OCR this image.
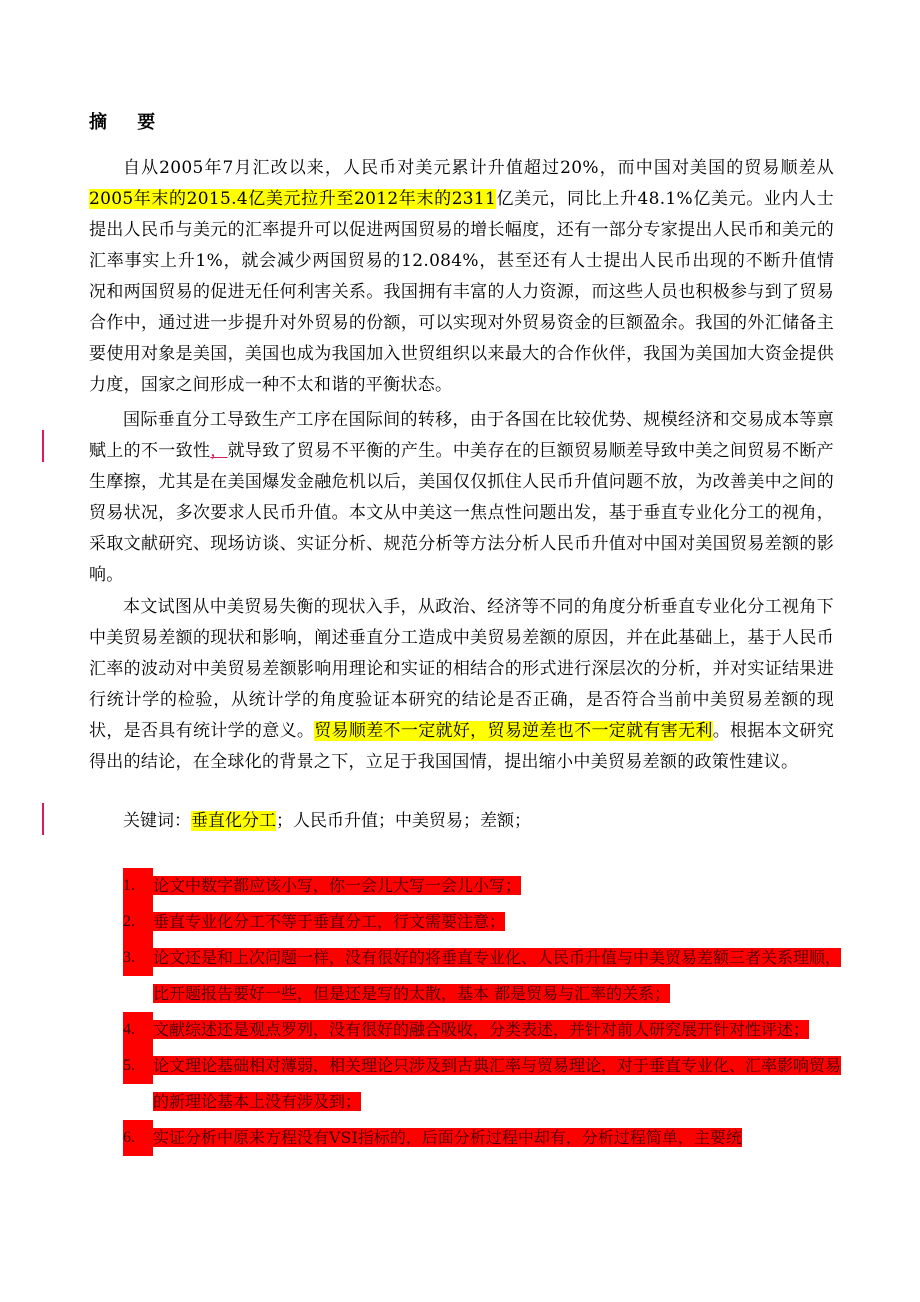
摘 要
自从2005年7月汇改以来，人民币对美元累计升值超过20%，而中国对美国的贸易顺差从2005年末的2015.4亿美元拉升至2012年末的2311亿美元，同比上升48.1%亿美元。业内人士提出人民币与美元的汇率提升可以促进两国贸易的增长幅度，还有一部分专家提出人民币和美元的汇率事实上升1%，就会减少两国贸易的12.084%，甚至还有人士提出人民币出现的不断升值情况和两国贸易的促进无任何利害关系。我国拥有丰富的人力资源，而这些人员也积极参与到了贸易合作中，通过进一步提升对外贸易的份额，可以实现对外贸易资金的巨额盈余。我国的外汇储备主要使用对象是美国，美国也成为我国加入世贸组织以来最大的合作伙伴，我国为美国加大资金提供力度，国家之间形成一种不太和谐的平衡状态。
国际垂直分工导致生产工序在国际间的转移，由于各国在比较优势、规模经济和交易成本等禀赋上的不一致性，就导致了贸易不平衡的产生。中美存在的巨额贸易顺差导致中美之间贸易不断产生摩擦，尤其是在美国爆发金融危机以后，美国仅仅抓住人民币升值问题不放，为改善美中之间的贸易状况，多次要求人民币升值。本文从中美这一焦点性问题出发，基于垂直专业化分工的视角，采取文献研究、现场访谈、实证分析、规范分析等方法分析人民币升值对中国对美国贸易差额的影响。
本文试图从中美贸易失衡的现状入手，从政治、经济等不同的角度分析垂直专业化分工视角下中美贸易差额的现状和影响，阐述垂直分工造成中美贸易差额的原因，并在此基础上，基于人民币汇率的波动对中美贸易差额影响用理论和实证的相结合的形式进行深层次的分析，并对实证结果进行统计学的检验，从统计学的角度验证本研究的结论是否正确，是否符合当前中美贸易差额的现状，是否具有统计学的意义。贸易顺差不一定就好，贸易逆差也不一定就有害无利。根据本文研究得出的结论，在全球化的背景之下，立足于我国国情，提出缩小中美贸易差额的政策性建议。
关键词：垂直化分工；人民币升值；中美贸易；差额；
1.	论文中数字都应该小写，你一会儿大写一会儿小写；
2.	垂直专业化分工不等于垂直分工，行文需要注意；
3.	论文还是和上次问题一样，没有很好的将垂直专业化、人民币升值与中美贸易差额三者关系理顺，比开题报告要好一些，但是还是写的太散，基本 都是贸易与汇率的关系；
4.	文献综述还是观点罗列，没有很好的融合吸收，分类表述，并针对前人研究展开针对性评述；
5.	论文理论基础相对薄弱，相关理论只涉及到古典汇率与贸易理论，对于垂直专业化、汇率影响贸易的新理论基本上没有涉及到；
6.	实证分析中原来方程没有VSI指标的，后面分析过程中却有，分析过程简单，主要统
